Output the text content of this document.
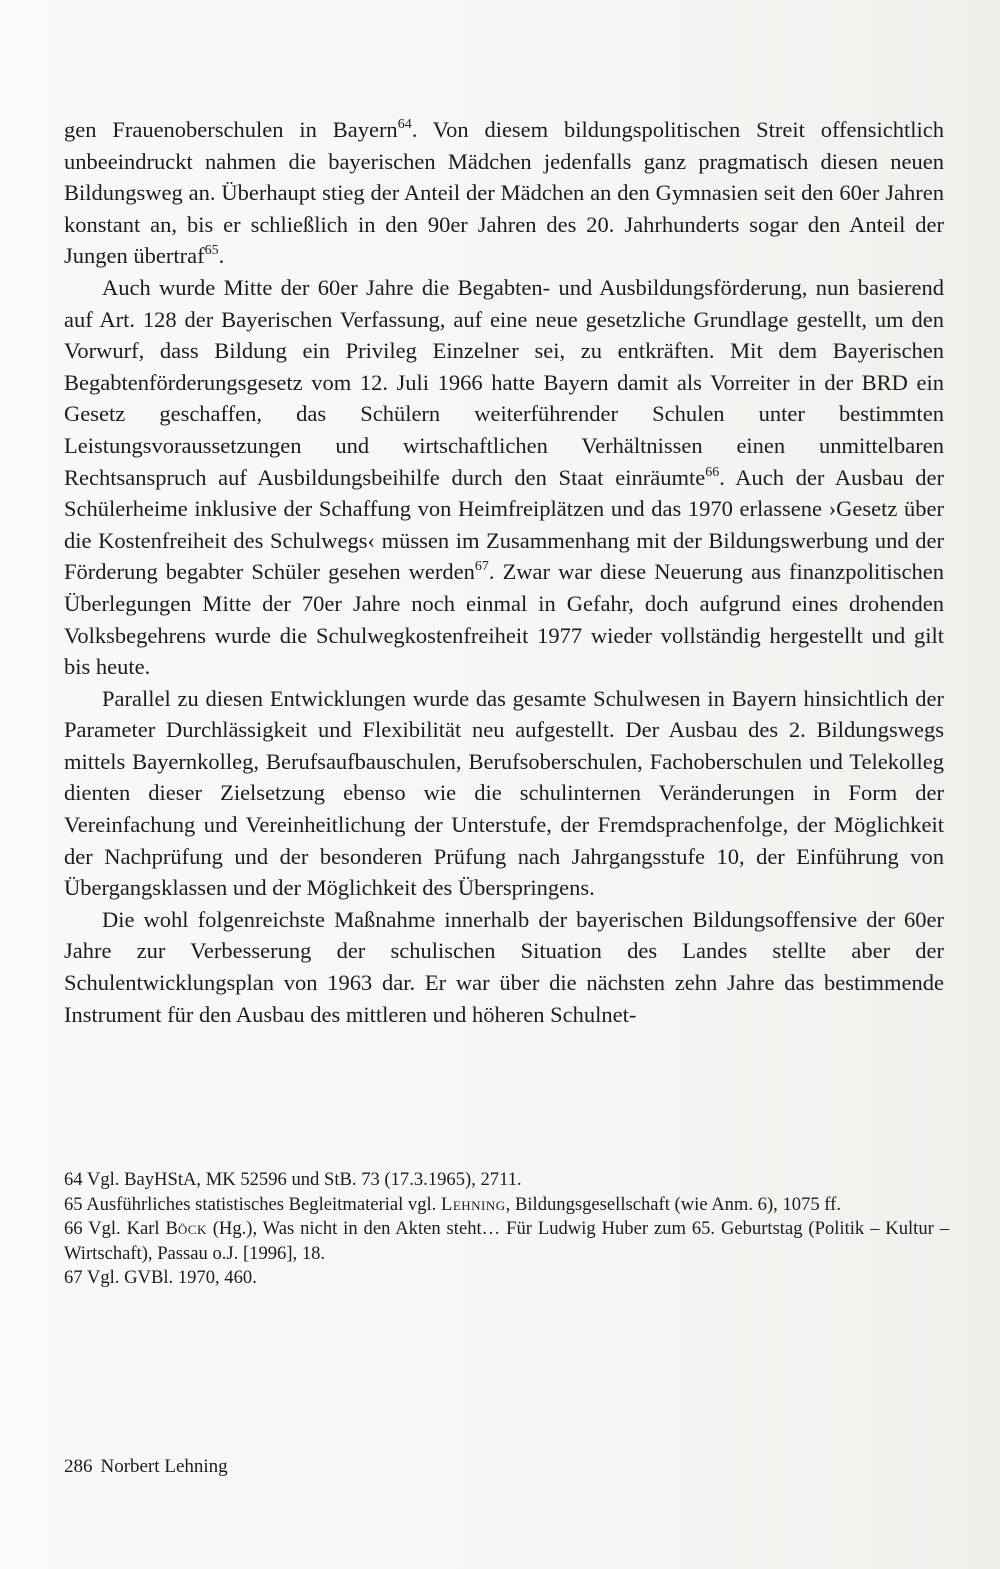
gen Frauenoberschulen in Bayern$^{64}$. Von diesem bildungspolitischen Streit offensichtlich unbeeindruckt nahmen die bayerischen Mädchen jedenfalls ganz pragmatisch diesen neuen Bildungsweg an. Überhaupt stieg der Anteil der Mädchen an den Gymnasien seit den 60er Jahren konstant an, bis er schließlich in den 90er Jahren des 20. Jahrhunderts sogar den Anteil der Jungen übertraf$^{65}$.

Auch wurde Mitte der 60er Jahre die Begabten- und Ausbildungsförderung, nun basierend auf Art. 128 der Bayerischen Verfassung, auf eine neue gesetzliche Grundlage gestellt, um den Vorwurf, dass Bildung ein Privileg Einzelner sei, zu entkräften. Mit dem Bayerischen Begabtenförderungsgesetz vom 12. Juli 1966 hatte Bayern damit als Vorreiter in der BRD ein Gesetz geschaffen, das Schülern weiterführender Schulen unter bestimmten Leistungsvoraussetzungen und wirtschaftlichen Verhältnissen einen unmittelbaren Rechtsanspruch auf Ausbildungsbeihilfe durch den Staat einräumte$^{66}$. Auch der Ausbau der Schülerheime inklusive der Schaffung von Heimfreiplätzen und das 1970 erlassene ›Gesetz über die Kostenfreiheit des Schulwegs‹ müssen im Zusammenhang mit der Bildungswerbung und der Förderung begabter Schüler gesehen werden$^{67}$. Zwar war diese Neuerung aus finanzpolitischen Überlegungen Mitte der 70er Jahre noch einmal in Gefahr, doch aufgrund eines drohenden Volksbegehrens wurde die Schulwegkostenfreiheit 1977 wieder vollständig hergestellt und gilt bis heute.

Parallel zu diesen Entwicklungen wurde das gesamte Schulwesen in Bayern hinsichtlich der Parameter Durchlässigkeit und Flexibilität neu aufgestellt. Der Ausbau des 2. Bildungswegs mittels Bayernkolleg, Berufsaufbauschulen, Berufsoberschulen, Fachoberschulen und Telekolleg dienten dieser Zielsetzung ebenso wie die schulinternen Veränderungen in Form der Vereinfachung und Vereinheitlichung der Unterstufe, der Fremdsprachenfolge, der Möglichkeit der Nachprüfung und der besonderen Prüfung nach Jahrgangsstufe 10, der Einführung von Übergangsklassen und der Möglichkeit des Überspringens.

Die wohl folgenreichste Maßnahme innerhalb der bayerischen Bildungsoffensive der 60er Jahre zur Verbesserung der schulischen Situation des Landes stellte aber der Schulentwicklungsplan von 1963 dar. Er war über die nächsten zehn Jahre das bestimmende Instrument für den Ausbau des mittleren und höheren Schulnet-

64 Vgl. BayHStA, MK 52596 und StB. 73 (17.3.1965), 2711.

65 Ausführliches statistisches Begleitmaterial vgl. Lehning, Bildungsgesellschaft (wie Anm. 6), 1075 ff.

66 Vgl. Karl Böck (Hg.), Was nicht in den Akten steht… Für Ludwig Huber zum 65. Geburtstag (Politik – Kultur – Wirtschaft), Passau o.J. [1996], 18.

67 Vgl. GVBl. 1970, 460.

286 Norbert Lehning
